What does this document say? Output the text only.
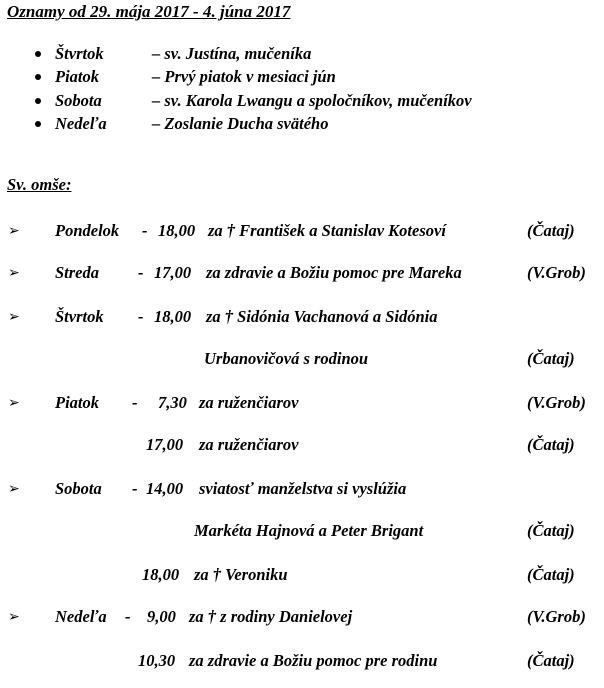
Oznamy od 29. mája 2017 - 4. júna 2017
Štvrtok	– sv. Justína, mučeníka
Piatok	– Prvý piatok v mesiaci jún
Sobota	– sv. Karola Lwangu a spoločníkov, mučeníkov
Nedeľa	– Zoslanie Ducha svätého
Sv. omše:
➢ Pondelok - 18,00 za † František a Stanislav Kotesoví	(Čataj)
➢ Streda - 17,00 za zdravie a Božiu pomoc pre Mareka	(V.Grob)
➢ Štvrtok - 18,00 za † Sidónia Vachanová a Sidónia
Urbanovičová s rodinou	(Čataj)
➢ Piatok - 7,30 za ruženčiarov	(V.Grob)
17,00 za ruženčiarov	(Čataj)
➢ Sobota - 14,00 sviatosť manželstva si vyslúžia
Markéta Hajnová a Peter Brigant	(Čataj)
18,00 za † Veroniku	(Čataj)
➢ Nedeľa - 9,00 za † z rodiny Danielovej	(V.Grob)
10,30 za zdravie a Božiu pomoc pre rodinu	(Čataj)
